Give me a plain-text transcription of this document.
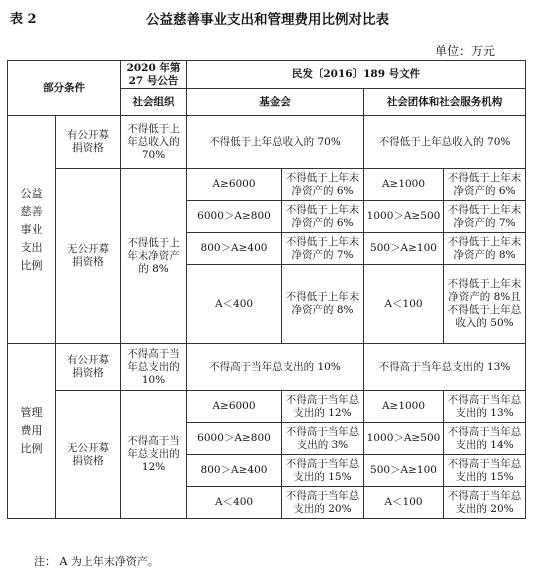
表 2	公益慈善事业支出和管理费用比例对比表
单位：万元
部分条件		2020 年第 27 号公告	民发〔2016〕189 号文件			
		社会组织	基金会		社会团体和社会服务机构	

公益慈善事业支出比例	有公开募捐资格	不得低于上年总收入的 70%	不得低于上年总收入的 70%		不得低于上年总收入的 70%	

	无公开募捐资格	不得低于上年末净资产的 8%	A≥6000	不得低于上年末净资产的 6%	A≥1000	不得低于上年末净资产的 6%
			6000＞A≥800	不得低于上年末净资产的 6%	1000＞A≥500	不得低于上年末净资产的 7%
			800＞A≥400	不得低于上年末净资产的 7%	500＞A≥100	不得低于上年末净资产的 8%
			A＜400	不得低于上年末净资产的 8%	A＜100	不得低于上年末净资产的 8%且不得低于上年总收入的 50%

管理费用比例	有公开募捐资格	不得高于当年总支出的 10%	不得高于当年总支出的 10%		不得高于当年总支出的 13%	

	无公开募捐资格	不得高于当年总支出的 12%	A≥6000	不得高于当年总支出的 12%	A≥1000	不得高于当年总支出的 13%
			6000＞A≥800	不得高于当年总支出的 3%	1000＞A≥500	不得高于当年总支出的 14%
			800＞A≥400	不得高于当年总支出的 15%	500＞A≥100	不得高于当年总支出的 15%
			A＜400	不得高于当年总支出的 20%	A＜100	不得高于当年总支出的 20%
注： A 为上年末净资产。
